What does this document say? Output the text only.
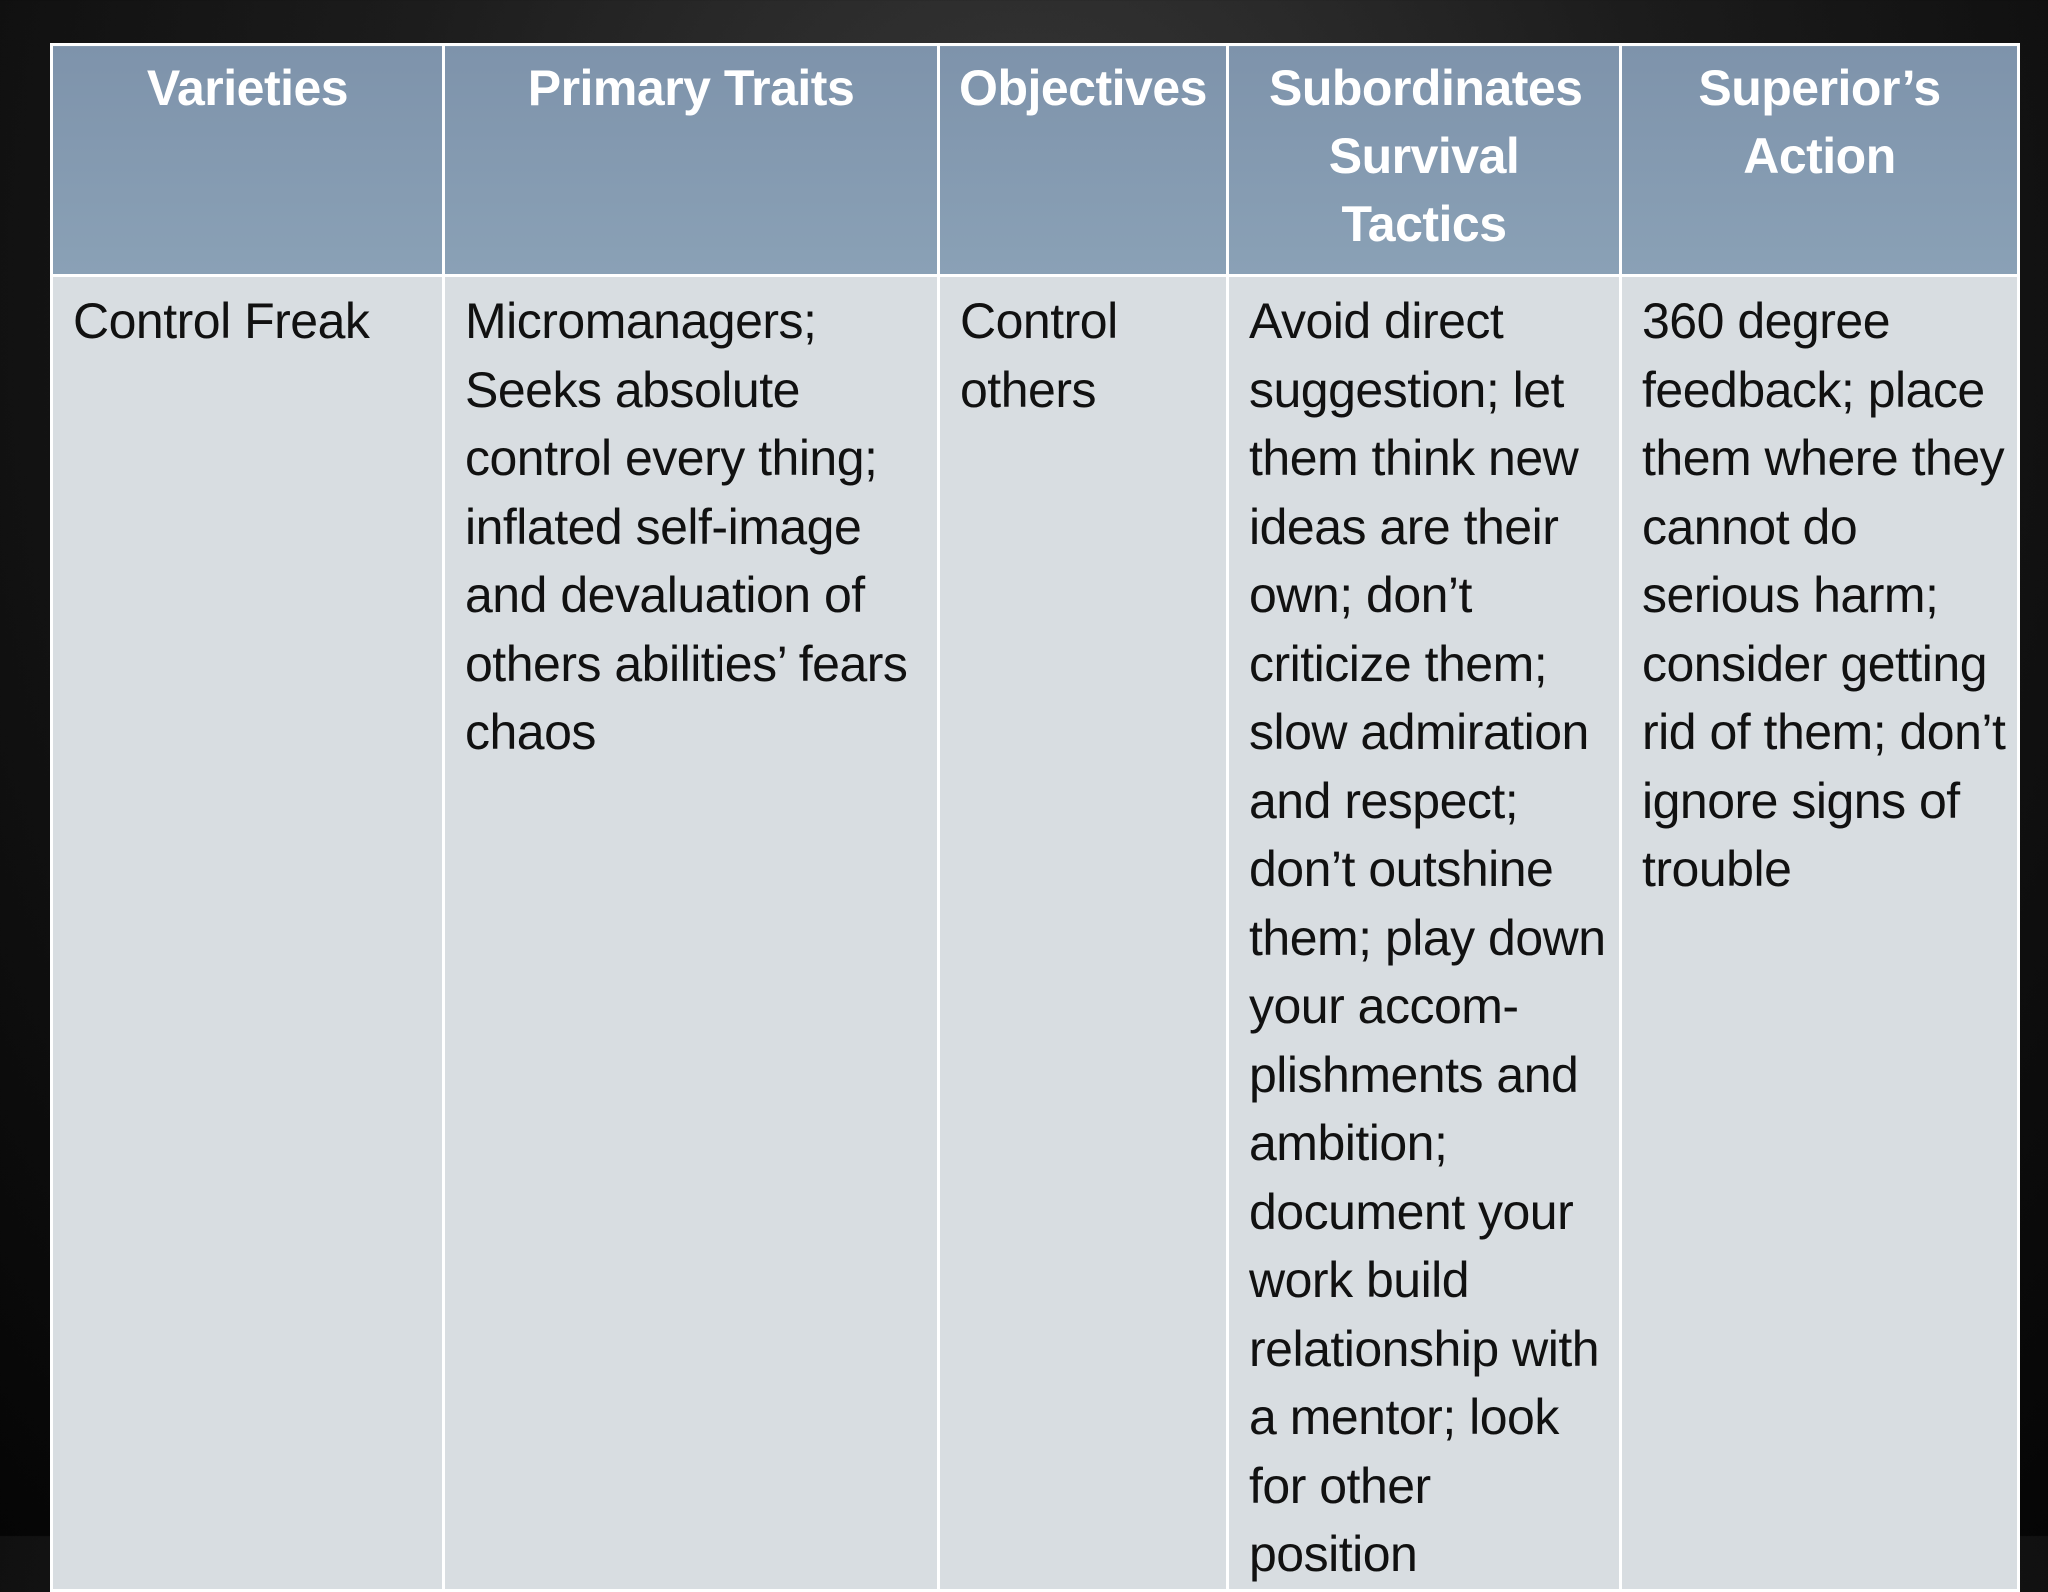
Varieties	Primary Traits	Objectives	Subordinates Survival Tactics	Superior’s Action

Control Freak	Micromanagers; Seeks absolute control every thing; inflated self-image and devaluation of others abilities’ fears chaos	Control others	Avoid direct suggestion; let them think new ideas are their own; don’t criticize them; slow admiration and respect; don’t outshine them; play down your accom-plishments and ambition; document your work build relationship with a mentor; look for other position	360 degree feedback; place them where they cannot do serious harm; consider getting rid of them; don’t ignore signs of trouble
